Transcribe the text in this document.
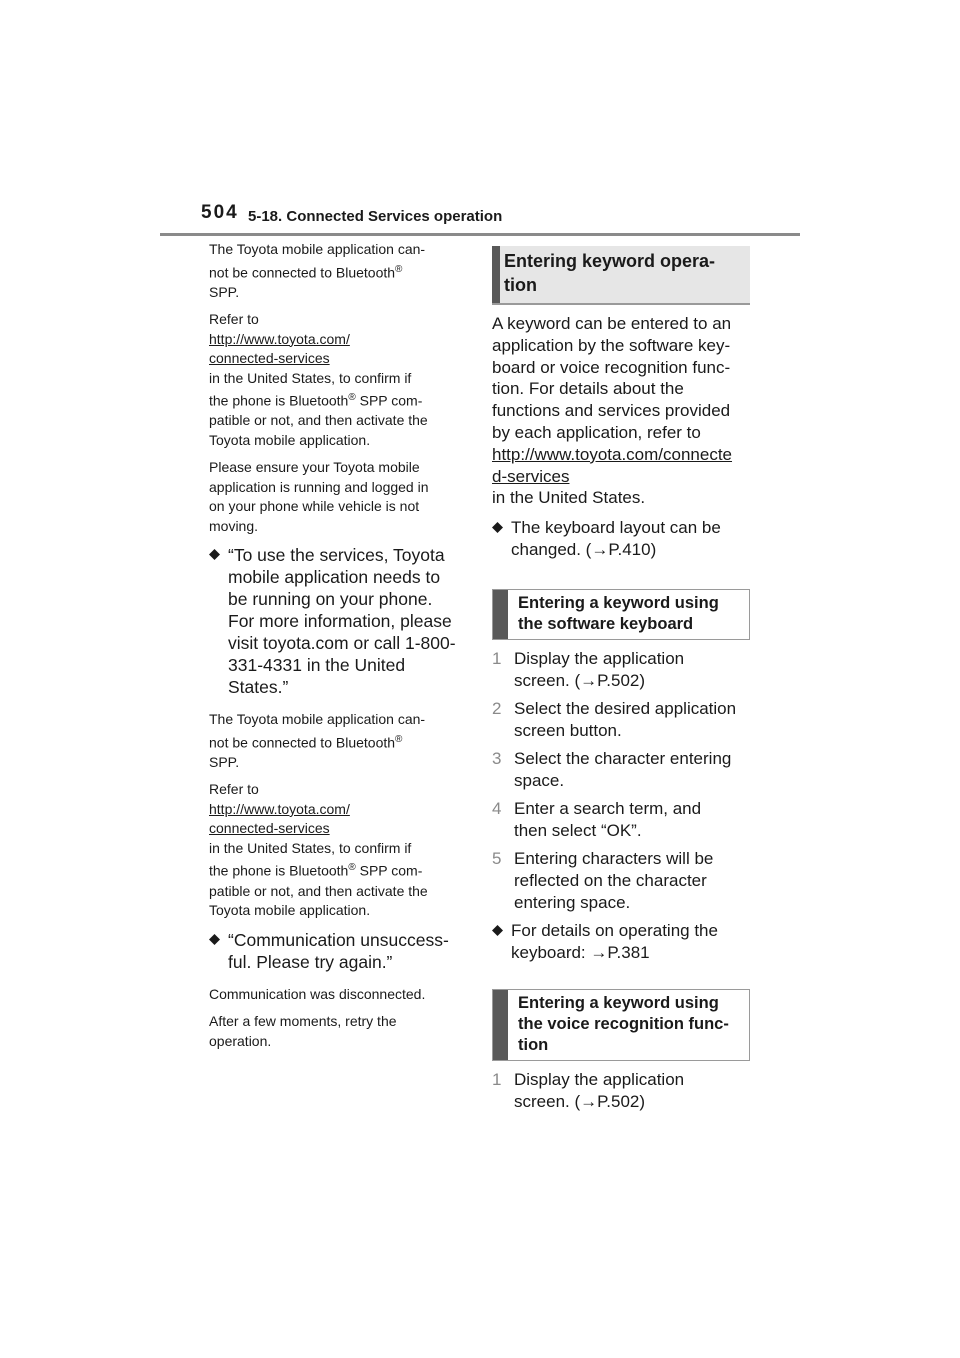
504 5-18. Connected Services operation

The Toyota mobile application can-
not be connected to Bluetooth®
SPP.

Refer to
http://www.toyota.com/
connected-services
in the United States, to confirm if
the phone is Bluetooth® SPP com-
patible or not, and then activate the
Toyota mobile application.

Please ensure your Toyota mobile
application is running and logged in
on your phone while vehicle is not
moving.

“To use the services, Toyota
mobile application needs to
be running on your phone.
For more information, please
visit toyota.com or call 1-800-
331-4331 in the United
States.”

The Toyota mobile application can-
not be connected to Bluetooth®
SPP.

Refer to
http://www.toyota.com/
connected-services
in the United States, to confirm if
the phone is Bluetooth® SPP com-
patible or not, and then activate the
Toyota mobile application.

“Communication unsuccess-
ful. Please try again.”

Communication was disconnected.

After a few moments, retry the
operation.

Entering keyword opera-
tion

A keyword can be entered to an
application by the software key-
board or voice recognition func-
tion. For details about the
functions and services provided
by each application, refer to
http://www.toyota.com/connecte
d-services
in the United States.

The keyboard layout can be
changed. (→P.410)
Entering a keyword using
the software keyboard
1 Display the application
screen. (→P.502)
2 Select the desired application
screen button.
3 Select the character entering
space.
4 Enter a search term, and
then select “OK”.
5 Entering characters will be
reflected on the character
entering space.
For details on operating the
keyboard: →P.381
Entering a keyword using
the voice recognition func-
tion
1 Display the application
screen. (→P.502)
